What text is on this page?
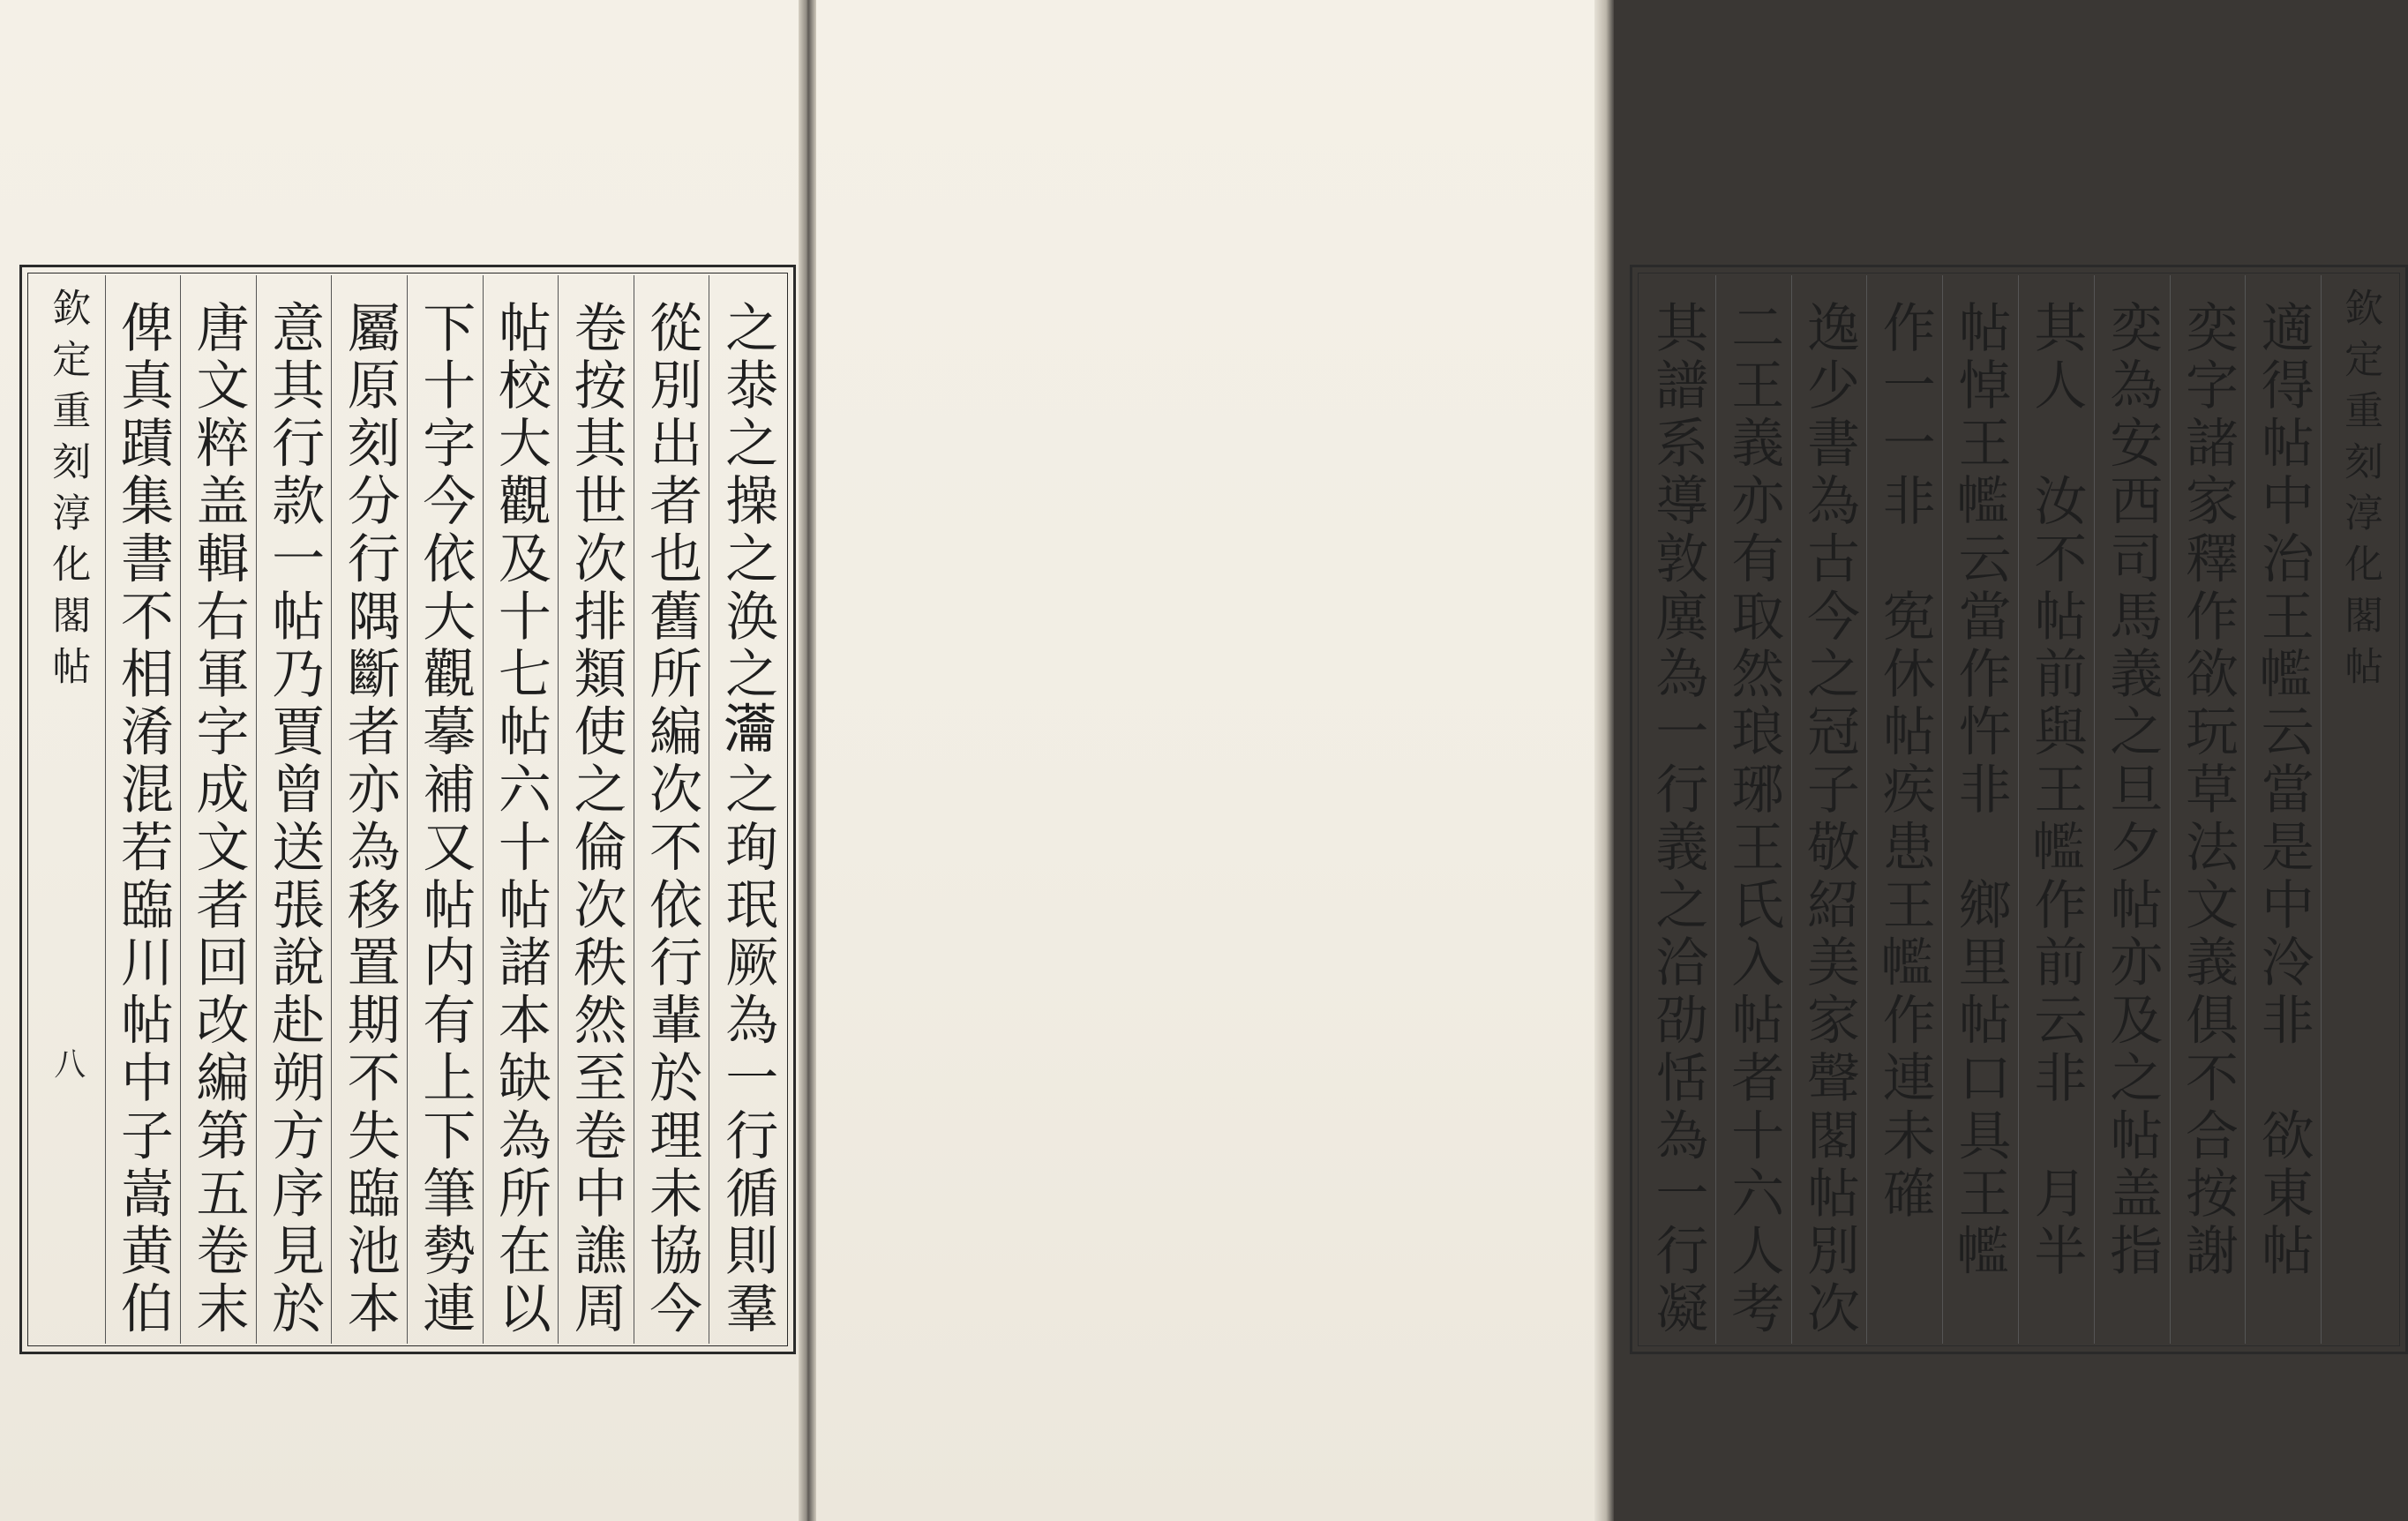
欽定重刻淳化閣帖
八 俾真蹟集書不相淆混若臨川帖中子嵩黄伯 唐文粹盖輯右軍字成文者回改編第五卷末 意其行款一帖乃賈曾送張說赴朔方序見於 屬原刻分行隅斷者亦為移置期不失臨池本 下十字今依大觀摹補又帖内有上下筆勢連 帖校大觀及十七帖六十帖諸本缺為所在以 卷按其世次排類使之倫次秩然至卷中譙周 從別出者也舊所編次不依行輩於理未協今 之㳟之操之涣之𤅢之珣珉厥為一行循則羣	其譜系導敦廙為一行義之洽劭恬為一行凝 二王義亦有取然琅琊王氏入帖者十六人考 逸少書為古今之冠子敬紹美家聲閣帖別次 作一一非　𡨚休帖疾患王𢅡作連未確 帖悼王𢅡云當作忤非　鄉里帖口具王𢅡 其人　汝不帖前與王𢅡作前云非　月半 奕為安西司馬義之旦夕帖亦及之帖盖指 奕字諸家釋作欲玩草法文義俱不合按謝 適得帖中治王𢅡云當是中泠非　欲東帖 欽定重刻淳化閣帖
